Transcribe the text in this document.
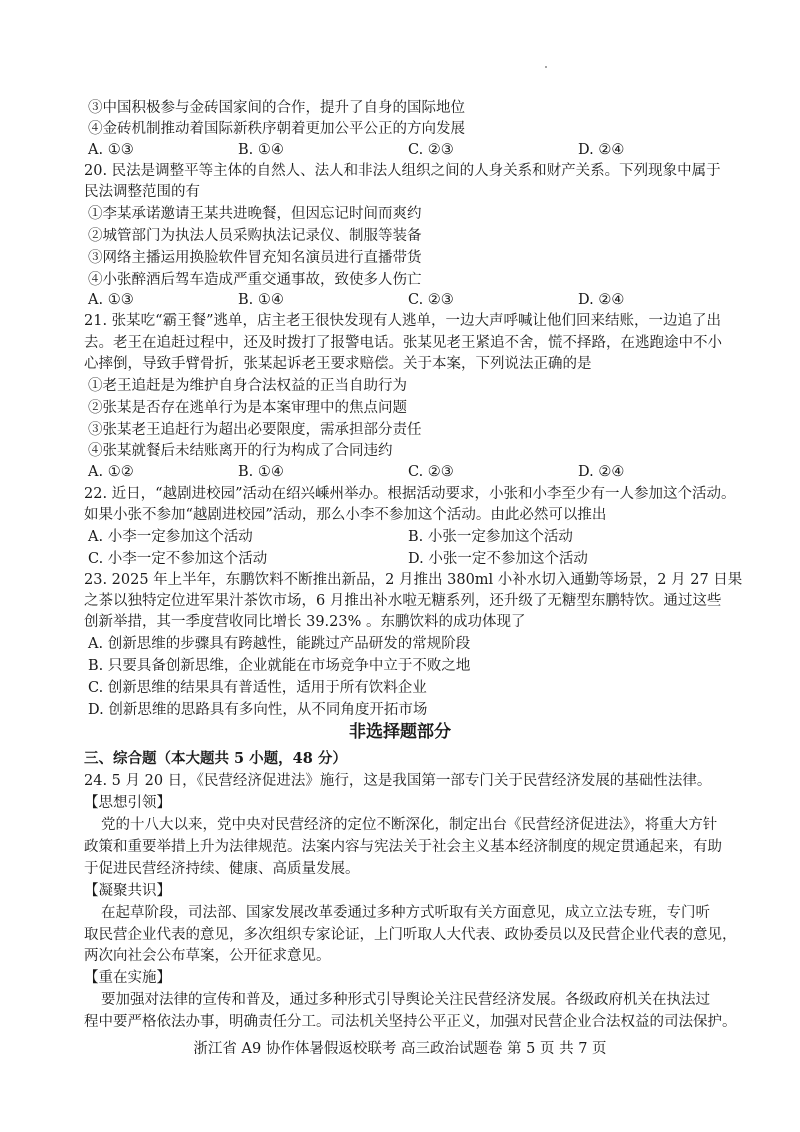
③中国积极参与金砖国家间的合作，提升了自身的国际地位
④金砖机制推动着国际新秩序朝着更加公平公正的方向发展
A. ①③	B. ①④	C. ②③	D. ②④
20. 民法是调整平等主体的自然人、法人和非法人组织之间的人身关系和财产关系。下列现象中属于
民法调整范围的有
①李某承诺邀请王某共进晚餐，但因忘记时间而爽约
②城管部门为执法人员采购执法记录仪、制服等装备
③网络主播运用换脸软件冒充知名演员进行直播带货
④小张醉酒后驾车造成严重交通事故，致使多人伤亡
A. ①③	B. ①④	C. ②③	D. ②④
21. 张某吃“霸王餐”逃单，店主老王很快发现有人逃单，一边大声呼喊让他们回来结账，一边追了出
去。老王在追赶过程中，还及时拨打了报警电话。张某见老王紧追不舍，慌不择路，在逃跑途中不小
心摔倒，导致手臂骨折，张某起诉老王要求赔偿。关于本案，下列说法正确的是
①老王追赶是为维护自身合法权益的正当自助行为
②张某是否存在逃单行为是本案审理中的焦点问题
③张某老王追赶行为超出必要限度，需承担部分责任
④张某就餐后未结账离开的行为构成了合同违约
A. ①②	B. ①④	C. ②③	D. ②④
22. 近日，“越剧进校园”活动在绍兴嵊州举办。根据活动要求，小张和小李至少有一人参加这个活动。
如果小张不参加“越剧进校园”活动，那么小李不参加这个活动。由此必然可以推出
A. 小李一定参加这个活动	B. 小张一定参加这个活动
C. 小李一定不参加这个活动	D. 小张一定不参加这个活动
23. 2025 年上半年，东鹏饮料不断推出新品，2 月推出 380ml 小补水切入通勤等场景，2 月 27 日果
之茶以独特定位进军果汁茶饮市场，6 月推出补水啦无糖系列，还升级了无糖型东鹏特饮。通过这些
创新举措，其一季度营收同比增长 39.23% 。东鹏饮料的成功体现了
A. 创新思维的步骤具有跨越性，能跳过产品研发的常规阶段
B. 只要具备创新思维，企业就能在市场竞争中立于不败之地
C. 创新思维的结果具有普适性，适用于所有饮料企业
D. 创新思维的思路具有多向性，从不同角度开拓市场
非选择题部分
三、综合题（本大题共 5 小题，48 分）
24. 5 月 20 日，《民营经济促进法》施行，这是我国第一部专门关于民营经济发展的基础性法律。
【思想引领】
党的十八大以来，党中央对民营经济的定位不断深化，制定出台《民营经济促进法》，将重大方针
政策和重要举措上升为法律规范。法案内容与宪法关于社会主义基本经济制度的规定贯通起来，有助
于促进民营经济持续、健康、高质量发展。
【凝聚共识】
在起草阶段，司法部、国家发展改革委通过多种方式听取有关方面意见，成立立法专班，专门听
取民营企业代表的意见，多次组织专家论证，上门听取人大代表、政协委员以及民营企业代表的意见，
两次向社会公布草案，公开征求意见。
【重在实施】
要加强对法律的宣传和普及，通过多种形式引导舆论关注民营经济发展。各级政府机关在执法过
程中要严格依法办事，明确责任分工。司法机关坚持公平正义，加强对民营企业合法权益的司法保护。
浙江省 A9 协作体暑假返校联考 高三政治试题卷 第 5 页 共 7 页
